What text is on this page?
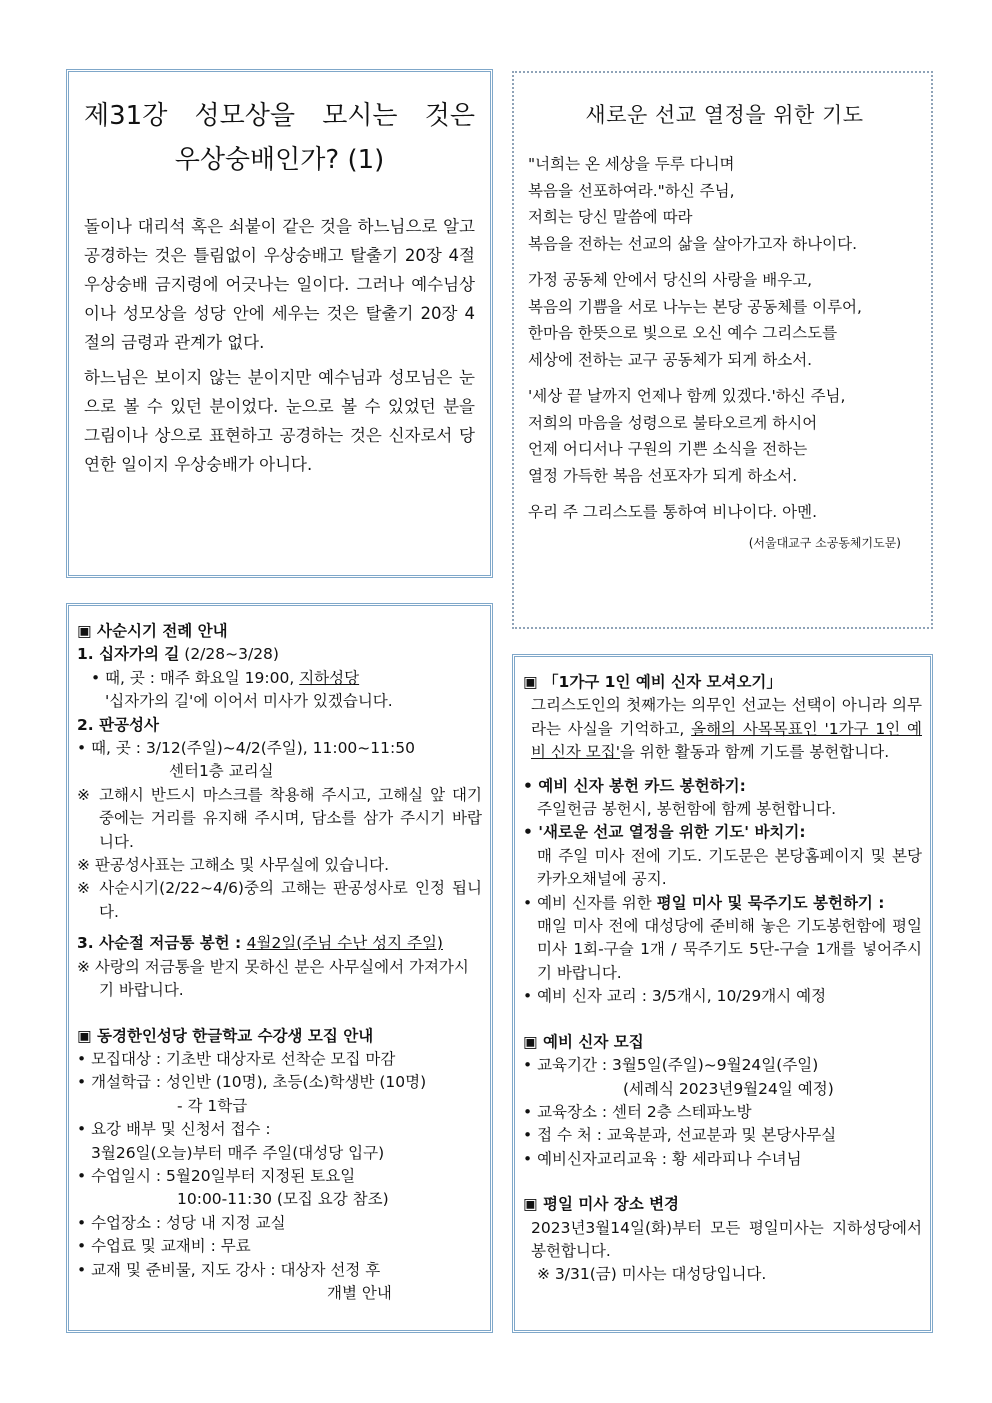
제31강 성모상을 모시는 것은
우상숭배인가? (1)

돌이나 대리석 혹은 쇠붙이 같은 것을 하느님으로 알고 공경하는 것은 틀림없이 우상숭배고 탈출기 20장 4절 우상숭배 금지령에 어긋나는 일이다. 그러나 예수님상이나 성모상을 성당 안에 세우는 것은 탈출기 20장 4절의 금령과 관계가 없다.

하느님은 보이지 않는 분이지만 예수님과 성모님은 눈으로 볼 수 있던 분이었다. 눈으로 볼 수 있었던 분을 그림이나 상으로 표현하고 공경하는 것은 신자로서 당연한 일이지 우상숭배가 아니다.

새로운 선교 열정을 위한 기도

"너희는 온 세상을 두루 다니며

복음을 선포하여라."하신 주님,

저희는 당신 말씀에 따라

복음을 전하는 선교의 삶을 살아가고자 하나이다.

가정 공동체 안에서 당신의 사랑을 배우고,

복음의 기쁨을 서로 나누는 본당 공동체를 이루어,

한마음 한뜻으로 빛으로 오신 예수 그리스도를

세상에 전하는 교구 공동체가 되게 하소서.

'세상 끝 날까지 언제나 함께 있겠다.'하신 주님,

저희의 마음을 성령으로 불타오르게 하시어

언제 어디서나 구원의 기쁜 소식을 전하는

열정 가득한 복음 선포자가 되게 하소서.

우리 주 그리스도를 통하여 비나이다. 아멘.

(서울대교구 소공동체기도문)

▣ 사순시기 전례 안내

1. 십자가의 길 (2/28~3/28)

• 때, 곳 : 매주 화요일 19:00, 지하성당

'십자가의 길'에 이어서 미사가 있겠습니다.

2. 판공성사

• 때, 곳 : 3/12(주일)~4/2(주일), 11:00~11:50

센터1층 교리실

※ 고해시 반드시 마스크를 착용해 주시고, 고해실 앞 대기 중에는 거리를 유지해 주시며, 담소를 삼가 주시기 바랍니다.

※ 판공성사표는 고해소 및 사무실에 있습니다.

※ 사순시기(2/22~4/6)중의 고해는 판공성사로 인정 됩니다.

3. 사순절 저금통 봉헌 : 4월2일(주님 수난 성지 주일)

※ 사랑의 저금통을 받지 못하신 분은 사무실에서 가져가시기 바랍니다.

▣ 동경한인성당 한글학교 수강생 모집 안내

• 모집대상 : 기초반 대상자로 선착순 모집 마감

• 개설학급 : 성인반 (10명), 초등(소)학생반 (10명)

- 각 1학급

• 요강 배부 및 신청서 접수 :

3월26일(오늘)부터 매주 주일(대성당 입구)

• 수업일시 : 5월20일부터 지정된 토요일

10:00-11:30 (모집 요강 참조)

• 수업장소 : 성당 내 지정 교실

• 수업료 및 교재비 : 무료

• 교재 및 준비물, 지도 강사 : 대상자 선정 후

개별 안내

▣ 「1가구 1인 예비 신자 모셔오기」

그리스도인의 첫째가는 의무인 선교는 선택이 아니라 의무라는 사실을 기억하고, 올해의 사목목표인 '1가구 1인 예비 신자 모집'을 위한 활동과 함께 기도를 봉헌합니다.

• 예비 신자 봉헌 카드 봉헌하기:

주일헌금 봉헌시, 봉헌함에 함께 봉헌합니다.

• '새로운 선교 열정을 위한 기도' 바치기:

매 주일 미사 전에 기도. 기도문은 본당홈페이지 및 본당카카오채널에 공지.

• 예비 신자를 위한 평일 미사 및 묵주기도 봉헌하기 :

매일 미사 전에 대성당에 준비해 놓은 기도봉헌함에 평일미사 1회-구슬 1개 / 묵주기도 5단-구슬 1개를 넣어주시기 바랍니다.

• 예비 신자 교리 : 3/5개시, 10/29개시 예정

▣ 예비 신자 모집

• 교육기간 : 3월5일(주일)~9월24일(주일)

(세례식 2023년9월24일 예정)

• 교육장소 : 센터 2층 스테파노방

• 접 수 처 : 교육분과, 선교분과 및 본당사무실

• 예비신자교리교육 : 황 세라피나 수녀님

▣ 평일 미사 장소 변경

2023년3월14일(화)부터 모든 평일미사는 지하성당에서 봉헌합니다.

※ 3/31(금) 미사는 대성당입니다.
